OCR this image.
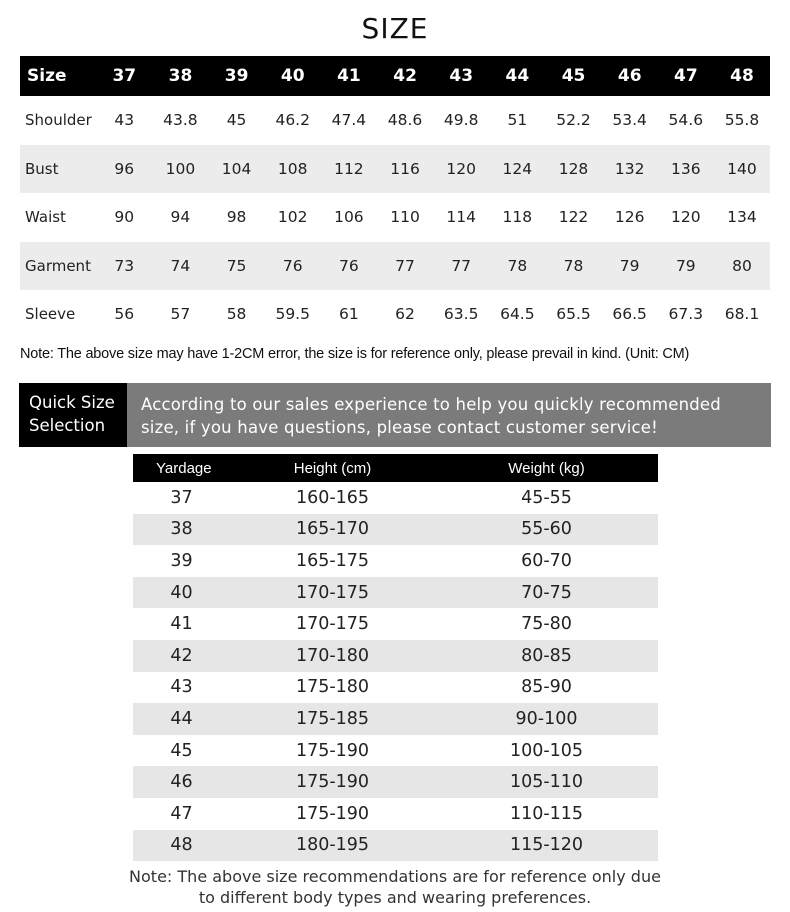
SIZE
Size	37	38	39	40	41	42	43	44	45	46	47	48
Shoulder	43	43.8	45	46.2	47.4	48.6	49.8	51	52.2	53.4	54.6	55.8
Bust	96	100	104	108	112	116	120	124	128	132	136	140
Waist	90	94	98	102	106	110	114	118	122	126	120	134
Garment	73	74	75	76	76	77	77	78	78	79	79	80
Sleeve	56	57	58	59.5	61	62	63.5	64.5	65.5	66.5	67.3	68.1
Note: The above size may have 1-2CM error, the size is for reference only, please prevail in kind. (Unit: CM)
Quick Size
Selection
According to our sales experience to help you quickly recommended
size, if you have questions, please contact customer service!
Yardage	Height (cm)	Weight (kg)
37	160-165	45-55
38	165-170	55-60
39	165-175	60-70
40	170-175	70-75
41	170-175	75-80
42	170-180	80-85
43	175-180	85-90
44	175-185	90-100
45	175-190	100-105
46	175-190	105-110
47	175-190	110-115
48	180-195	115-120
Note: The above size recommendations are for reference only due
to different body types and wearing preferences.
